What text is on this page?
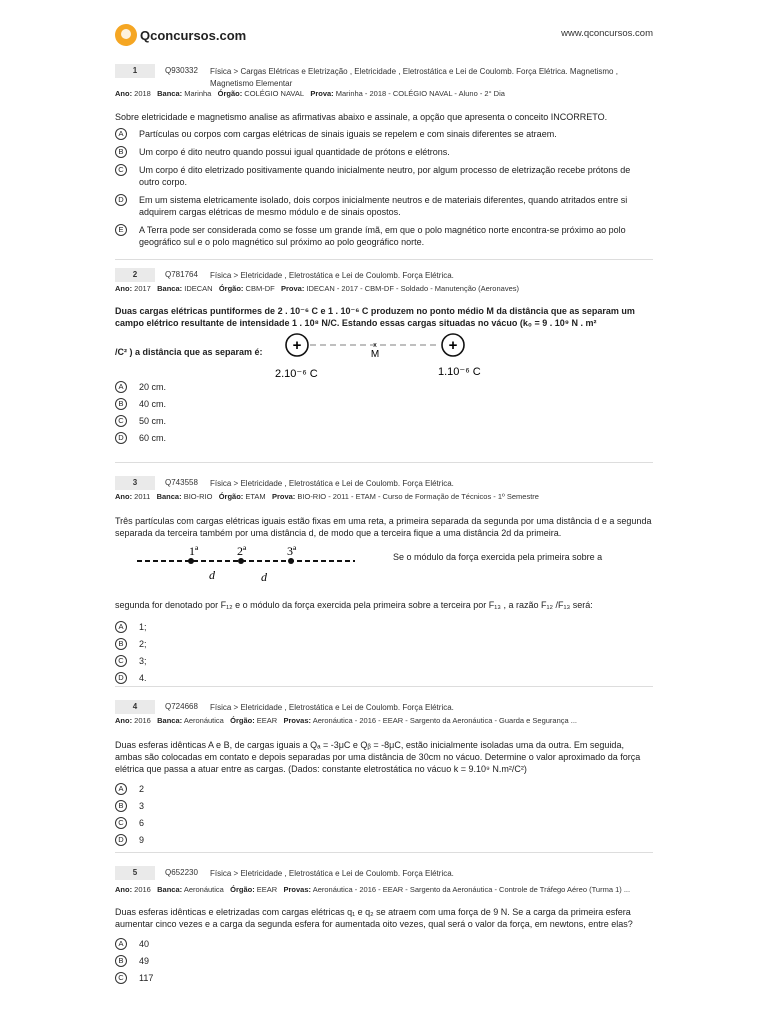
Qconcursos.com	www.qconcursos.com
1	Q930332 Física > Cargas Elétricas e Eletrização , Eletricidade , Eletrostática e Lei de Coulomb. Força Elétrica. Magnetismo , Magnetismo Elementar
Ano: 2018 Banca: Marinha Órgão: COLÉGIO NAVAL Prova: Marinha - 2018 - COLÉGIO NAVAL - Aluno - 2° Dia
Sobre eletricidade e magnetismo analise as afirmativas abaixo e assinale, a opção que apresenta o conceito INCORRETO.
A	Partículas ou corpos com cargas elétricas de sinais iguais se repelem e com sinais diferentes se atraem.
B	Um corpo é dito neutro quando possui igual quantidade de prótons e elétrons.
C	Um corpo é dito eletrizado positivamente quando inicialmente neutro, por algum processo de eletrização recebe prótons de outro corpo.
D	Em um sistema eletricamente isolado, dois corpos inicialmente neutros e de materiais diferentes, quando atritados entre si adquirem cargas elétricas de mesmo módulo e de sinais opostos.
E	A Terra pode ser considerada como se fosse um grande ímã, em que o polo magnético norte encontra-se próximo ao polo geográfico sul e o polo magnético sul próximo ao polo geográfico norte.
2	Q781764 Física > Eletricidade , Eletrostática e Lei de Coulomb. Força Elétrica.
Ano: 2017 Banca: IDECAN Órgão: CBM-DF Prova: IDECAN - 2017 - CBM-DF - Soldado - Manutenção (Aeronaves)
Duas cargas elétricas puntiformes de 2 . 10⁻⁶ C e 1 . 10⁻⁶ C produzem no ponto médio M da distância que as separam um campo elétrico resultante de intensidade 1 . 10⁸ N/C. Estando essas cargas situadas no vácuo (k₀ = 9 . 10⁹ N . m²
/C² ) a distância que as separam é: +	x
M
+
2.10⁻⁶ C	1.10⁻⁶ C
A	20 cm.
B	40 cm.
C	50 cm.
D	60 cm.
3	Q743558 Física > Eletricidade , Eletrostática e Lei de Coulomb. Força Elétrica.
Ano: 2011 Banca: BIO-RIO Órgão: ETAM Prova: BIO-RIO - 2011 - ETAM - Curso de Formação de Técnicos - 1º Semestre
Três partículas com cargas elétricas iguais estão fixas em uma reta, a primeira separada da segunda por uma distância d e a segunda separada da terceira também por uma distância d, de modo que a terceira fique a uma distância 2d da primeira.
1ª	2ª	3ª
d	d
Se o módulo da força exercida pela primeira sobre a
segunda for denotado por F₁₂ e o módulo da força exercida pela primeira sobre a terceira por F₁₃ , a razão F₁₂ /F₁₃ será:
A	1;
B	2;
C	3;
D	4.
4	Q724668 Física > Eletricidade , Eletrostática e Lei de Coulomb. Força Elétrica.
Ano: 2016 Banca: Aeronáutica Órgão: EEAR Provas: Aeronáutica - 2016 - EEAR - Sargento da Aeronáutica - Guarda e Segurança ...
Duas esferas idênticas A e B, de cargas iguais a Qₐ = -3μC e Qᵦ = -8μC, estão inicialmente isoladas uma da outra. Em seguida, ambas são colocadas em contato e depois separadas por uma distância de 30cm no vácuo. Determine o valor aproximado da força elétrica que passa a atuar entre as cargas. (Dados: constante eletrostática no vácuo k = 9.10⁹ N.m²/C²)
A	2
B	3
C	6
D	9
5	Q652230 Física > Eletricidade , Eletrostática e Lei de Coulomb. Força Elétrica.
Ano: 2016 Banca: Aeronáutica Órgão: EEAR Provas: Aeronáutica - 2016 - EEAR - Sargento da Aeronáutica - Controle de Tráfego Aéreo (Turma 1) ...
Duas esferas idênticas e eletrizadas com cargas elétricas q₁ e q₂ se atraem com uma força de 9 N. Se a carga da primeira esfera aumentar cinco vezes e a carga da segunda esfera for aumentada oito vezes, qual será o valor da força, em newtons, entre elas?
A	40
B	49
C	117
